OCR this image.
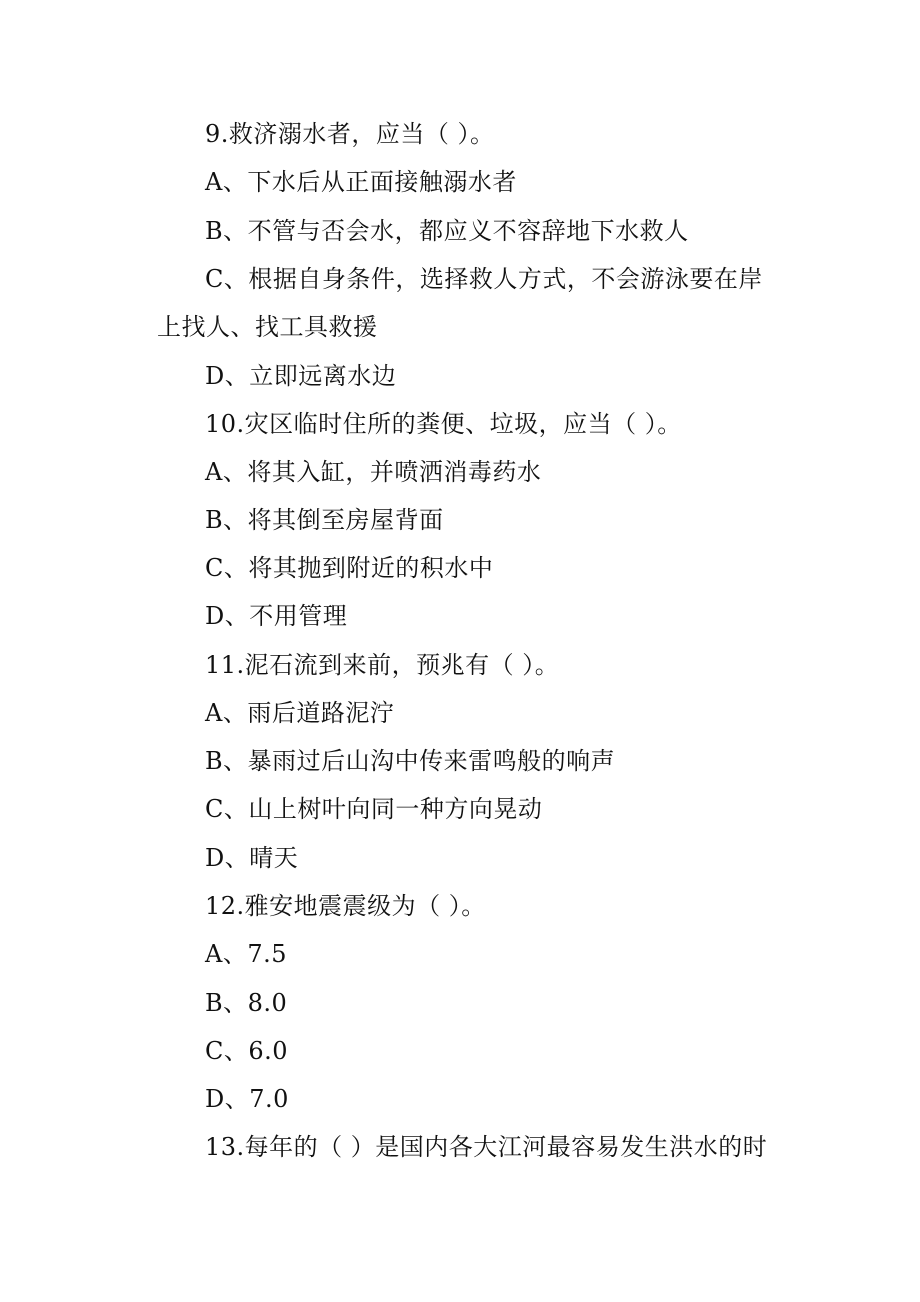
9.救济溺水者，应当（ ）。
A、下水后从正面接触溺水者
B、不管与否会水，都应义不容辞地下水救人
C、根据自身条件，选择救人方式，不会游泳要在岸
上找人、找工具救援
D、立即远离水边
10.灾区临时住所的粪便、垃圾，应当（ ）。
A、将其入缸，并喷洒消毒药水
B、将其倒至房屋背面
C、将其抛到附近的积水中
D、不用管理
11.泥石流到来前，预兆有（ ）。
A、雨后道路泥泞
B、暴雨过后山沟中传来雷鸣般的响声
C、山上树叶向同一种方向晃动
D、晴天
12.雅安地震震级为（ ）。
A、7.5
B、8.0
C、6.0
D、7.0
13.每年的（ ）是国内各大江河最容易发生洪水的时
